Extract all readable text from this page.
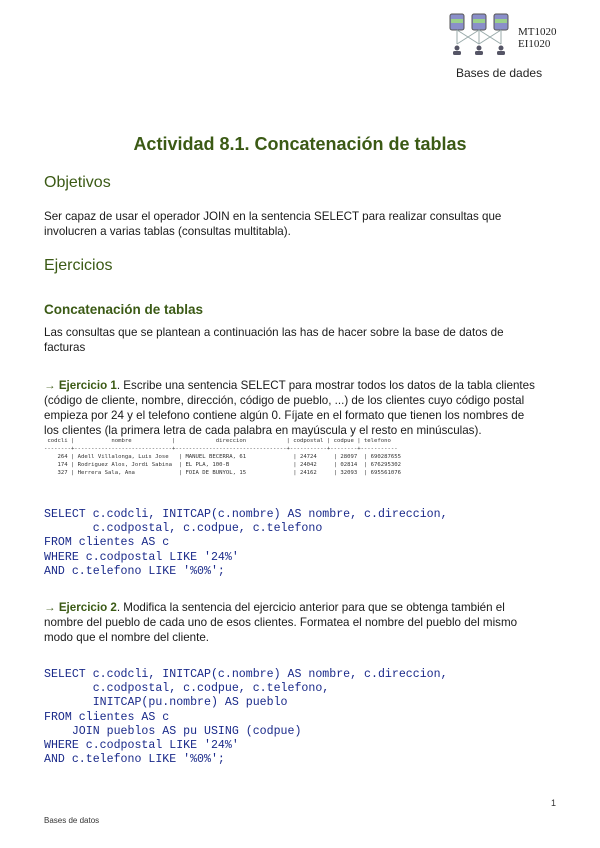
MT1020
EI1020
Bases de dades
Actividad 8.1. Concatenación de tablas
Objetivos

Ser capaz de usar el operador JOIN en la sentencia SELECT para realizar consultas que
involucren a varias tablas (consultas multitabla).

Ejercicios
Concatenación de tablas

Las consultas que se plantean a continuación las has de hacer sobre la base de datos de
facturas

→ Ejercicio 1. Escribe una sentencia SELECT para mostrar todos los datos de la tabla clientes
(código de cliente, nombre, dirección, código de pueblo, ...) de los clientes cuyo código postal
empieza por 24 y el telefono contiene algún 0. Fíjate en el formato que tienen los nombres de
los clientes (la primera letra de cada palabra en mayúscula y el resto en minúsculas).

codcli |           nombre            |            direccion            | codpostal | codpue | telefono
--------+-----------------------------+---------------------------------+-----------+--------+-----------
264 | Adell Villalonga, Luis Jose   | MANUEL BECERRA, 61              | 24724     | 28097  | 690287655
174 | Rodriguez Alos, Jordi Sabina  | EL PLA, 100-B                   | 24042     | 02814  | 676295302
327 | Herrera Sala, Ana             | FOIA DE BUNYOL, 15              | 24162     | 32093  | 695561076
SELECT c.codcli, INITCAP(c.nombre) AS nombre, c.direccion,
c.codpostal, c.codpue, c.telefono
FROM clientes AS c
WHERE c.codpostal LIKE '24%'
AND c.telefono LIKE '%0%';

→ Ejercicio 2. Modifica la sentencia del ejercicio anterior para que se obtenga también el
nombre del pueblo de cada uno de esos clientes. Formatea el nombre del pueblo del mismo
modo que el nombre del cliente.

SELECT c.codcli, INITCAP(c.nombre) AS nombre, c.direccion,
c.codpostal, c.codpue, c.telefono,
INITCAP(pu.nombre) AS pueblo
FROM clientes AS c
JOIN pueblos AS pu USING (codpue)
WHERE c.codpostal LIKE '24%'
AND c.telefono LIKE '%0%';
1
Bases de datos
